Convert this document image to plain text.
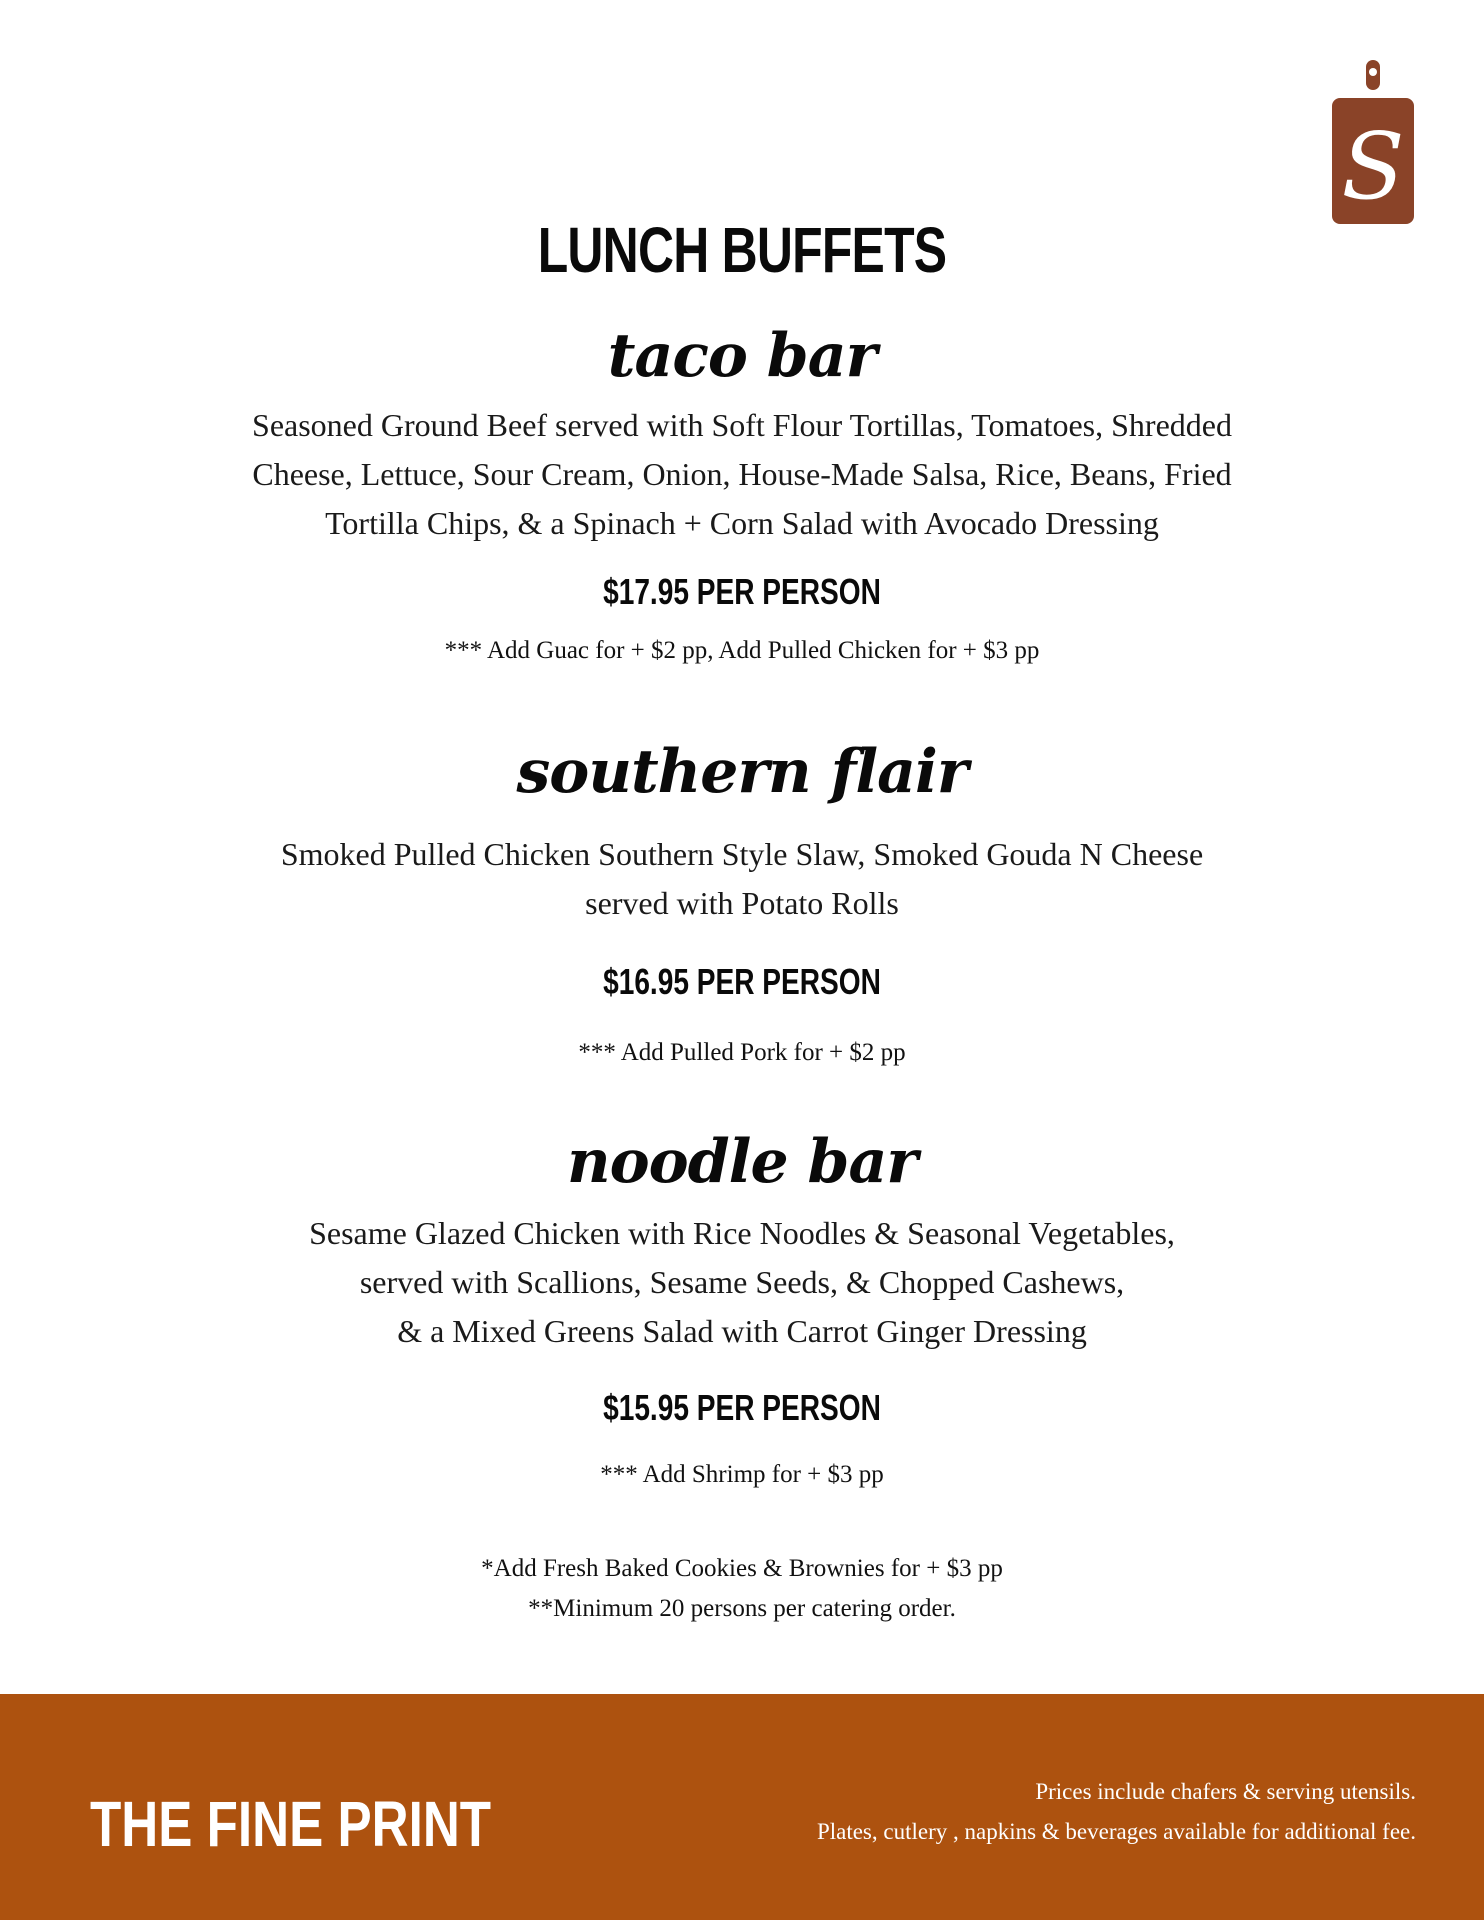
S
LUNCH BUFFETS
taco bar
Seasoned Ground Beef served with Soft Flour Tortillas, Tomatoes, Shredded
Cheese, Lettuce, Sour Cream, Onion, House-Made Salsa, Rice, Beans, Fried
Tortilla Chips, & a Spinach + Corn Salad with Avocado Dressing
$17.95 PER PERSON
*** Add Guac for + $2 pp, Add Pulled Chicken for + $3 pp
southern flair
Smoked Pulled Chicken Southern Style Slaw, Smoked Gouda N Cheese
served with Potato Rolls
$16.95 PER PERSON
*** Add Pulled Pork for + $2 pp
noodle bar
Sesame Glazed Chicken with Rice Noodles & Seasonal Vegetables,
served with Scallions, Sesame Seeds, & Chopped Cashews,
& a Mixed Greens Salad with Carrot Ginger Dressing
$15.95 PER PERSON
*** Add Shrimp for + $3 pp
*Add Fresh Baked Cookies & Brownies for + $3 pp
**Minimum 20 persons per catering order.
THE FINE PRINT	Prices include chafers & serving utensils.
Plates, cutlery , napkins & beverages available for additional fee.
